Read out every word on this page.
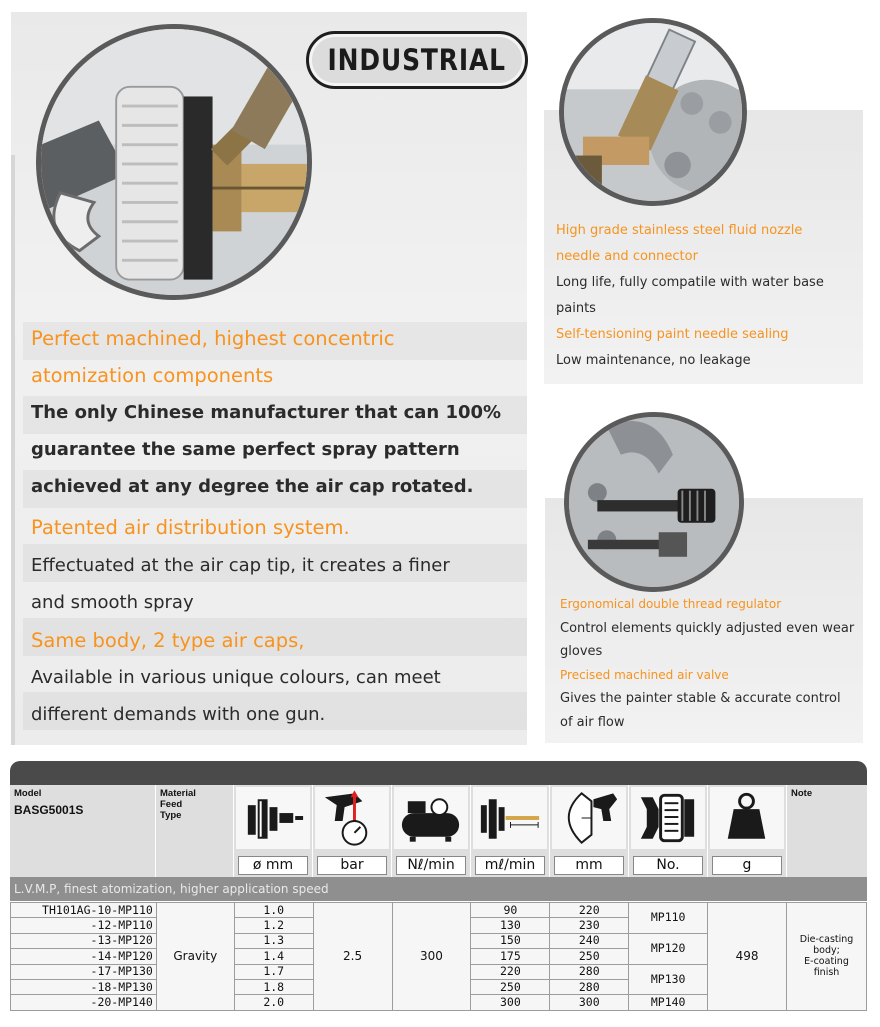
INDUSTRIAL
Perfect machined, highest concentric
atomization components
The only Chinese manufacturer that can 100%
guarantee the same perfect spray pattern
achieved at any degree the air cap rotated.
Patented air distribution system.
Effectuated at the air cap tip, it creates a finer
and smooth spray
Same body, 2 type air caps,
Available in various unique colours, can meet
different demands with one gun.
High grade stainless steel fluid nozzle
needle and connector
Long life, fully compatile with water base
paints
Self-tensioning paint needle sealing
Low maintenance, no leakage
Ergonomical double thread regulator
Control elements quickly adjusted even wear
gloves
Precised machined air valve
Gives the painter stable & accurate control
of air flow
Model
BASG5001S
Material
Feed
Type
ø mm	bar	Nℓ/min	mℓ/min	mm	No.	g
Note
L.V.M.P, finest atomization, higher application speed
TH101AG-10-MP110	Gravity	1.0	2.5	300	90	220	MP110	498	Die-casting
body;
E-coating
finish

-12-MP110		1.2			130	230			
-13-MP120		1.3			150	240	MP120		
-14-MP120		1.4			175	250			
-17-MP130		1.7			220	280	MP130		
-18-MP130		1.8			250	280			
-20-MP140		2.0			300	300	MP140		
